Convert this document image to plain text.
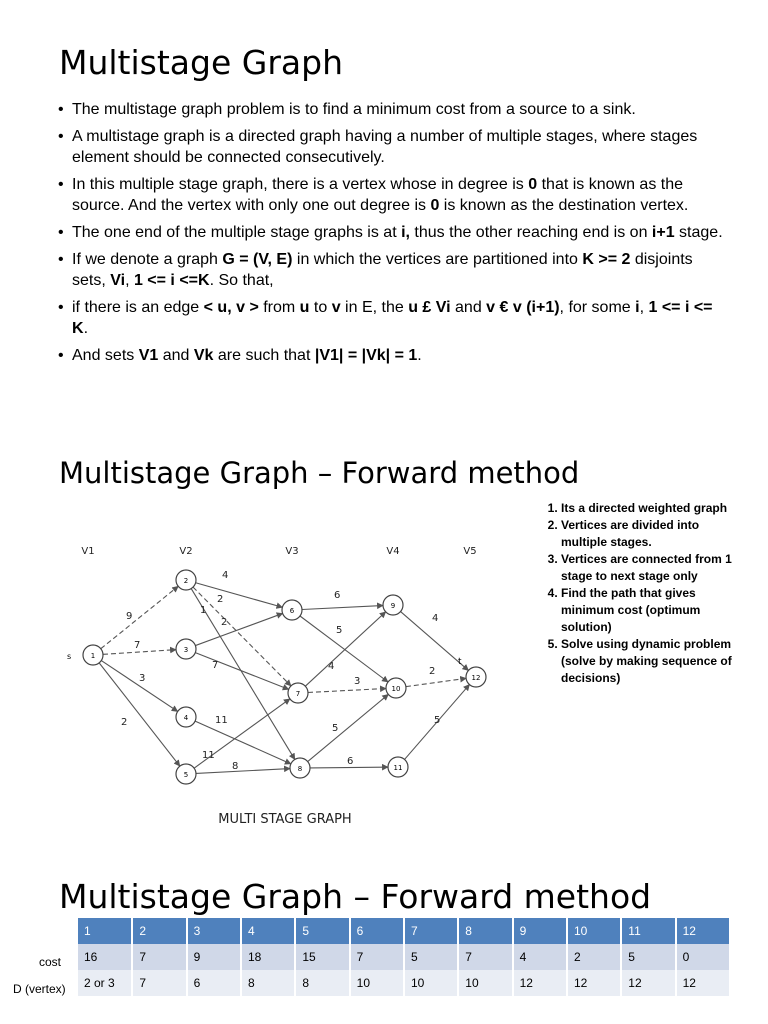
Multistage Graph
• The multistage graph problem is to find a minimum cost from a source to a sink.
• A multistage graph is a directed graph having a number of multiple stages, where stages element should be connected consecutively.
• In this multiple stage graph, there is a vertex whose in degree is 0 that is known as the source. And the vertex with only one out degree is 0 is known as the destination vertex.
• The one end of the multiple stage graphs is at i, thus the other reaching end is on i+1 stage.
• If we denote a graph G = (V, E) in which the vertices are partitioned into K >= 2 disjoints sets, Vi, 1 <= i <=K. So that,
• if there is an edge < u, v > from u to v in E, the u £ Vi and v € v (i+1), for some i, 1 <= i <= K.
• And sets V1 and Vk are such that |V1| = |Vk| = 1.
Multistage Graph – Forward method
9
7
3
2
4
2
1
2
7
11
11
8
6
5
4
3
5
6
4
2
5
1
2
3
4
5
6
7
8
9
10
11
12
V1	V2	V3	V4	V5
s
t
MULTI STAGE GRAPH
1. Its a directed weighted graph
2. Vertices are divided into multiple stages.
3. Vertices are connected from 1 stage to next stage only
4. Find the path that gives minimum cost (optimum solution)
5. Solve using dynamic problem (solve by making sequence of decisions)
Multistage Graph – Forward method
cost
D (vertex)
1	2	3	4	5	6	7	8	9	10	11	12
16	7	9	18	15	7	5	7	4	2	5	0
2 or 3	7	6	8	8	10	10	10	12	12	12	12
